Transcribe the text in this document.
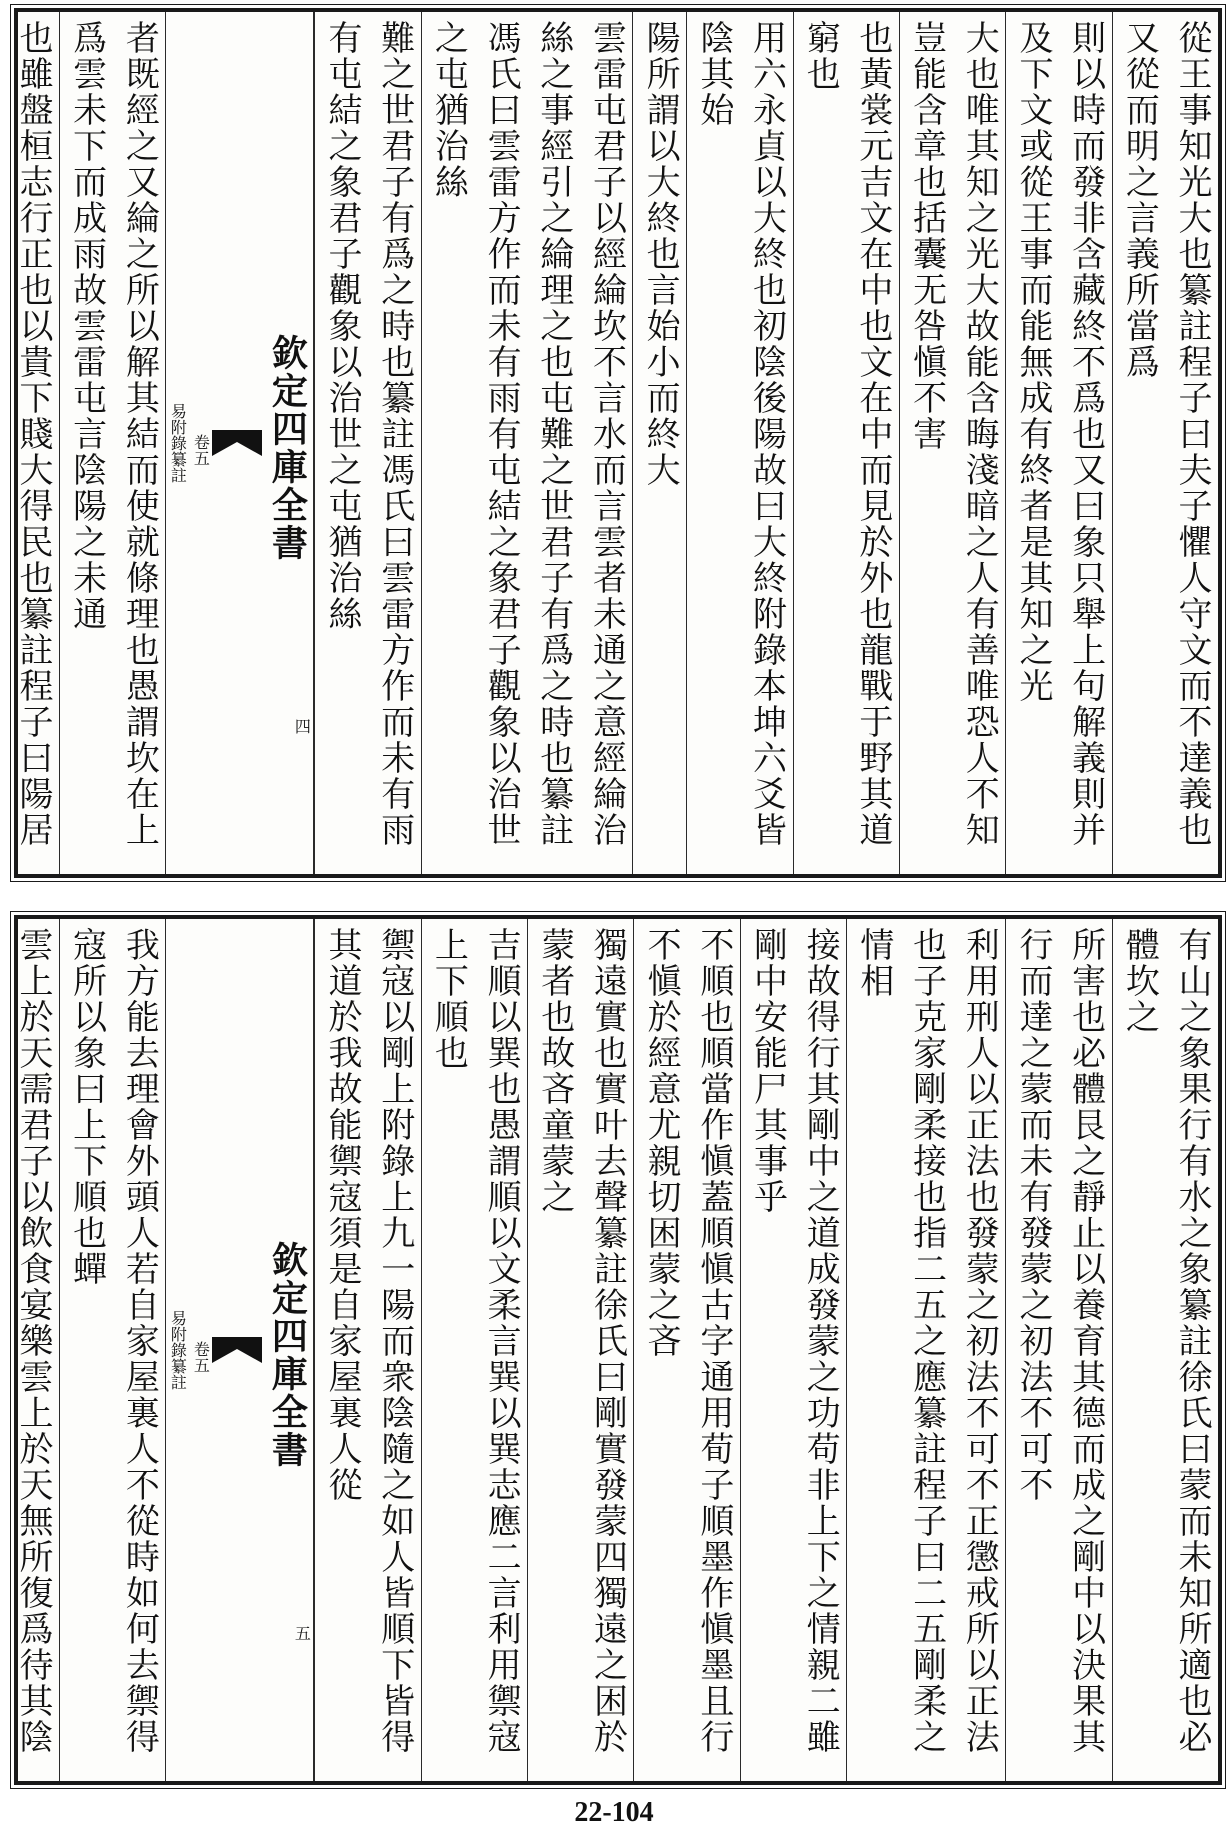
從王事知光大也纂註程子曰夫子懼人守文而不達義也又從而明之言義所當爲
則以時而發非含藏終不爲也又曰象只舉上句解義則并及下文或從王事而能無成有終者是其知之光
大也唯其知之光大故能含晦淺暗之人有善唯恐人不知豈能含章也括囊无咎愼不害
也黃裳元吉文在中也文在中而見於外也龍戰于野其道窮也
用六永貞以大終也初陰後陽故曰大終附錄本坤六爻皆陰其始
陽所謂以大終也言始小而終大
雲雷屯君子以經綸坎不言水而言雲者未通之意經綸治絲之事經引之綸理之也屯難之世君子有爲之時也纂註馮氏曰雲雷方作而未有雨有屯結之象君子觀象以治世之屯猶治絲
難之世君子有爲之時也纂註馮氏曰雲雷方作而未有雨有屯結之象君子觀象以治世之屯猶治絲
欽定四庫全書
卷五
易附錄纂註
四
者既經之又綸之所以解其結而使就條理也愚謂坎在上爲雲未下而成雨故雲雷屯言陰陽之未通
也雖盤桓志行正也以貴下賤大得民也纂註程子曰陽居
有山之象果行有水之象纂註徐氏曰蒙而未知所適也必體坎之
所害也必體艮之靜止以養育其德而成之剛中以決果其行而達之蒙而未有發蒙之初法不可不
利用刑人以正法也發蒙之初法不可不正懲戒所以正法也子克家剛柔接也指二五之應纂註程子曰二五剛柔之情相
接故得行其剛中之道成發蒙之功苟非上下之情親二雖剛中安能尸其事乎
不順也順當作愼蓋順愼古字通用荀子順墨作愼墨且行不愼於經意尤親切困蒙之吝
獨遠實也實叶去聲纂註徐氏曰剛實發蒙四獨遠之困於蒙者也故吝童蒙之
吉順以巽也愚謂順以文柔言巽以巽志應二言利用禦寇上下順也
禦寇以剛上附錄上九一陽而衆陰隨之如人皆順下皆得其道於我故能禦寇須是自家屋裏人從
欽定四庫全書
卷五
易附錄纂註
五
我方能去理會外頭人若自家屋裏人不從時如何去禦得寇所以象曰上下順也蟬
雲上於天需君子以飲食宴樂雲上於天無所復爲待其陰
22-104
